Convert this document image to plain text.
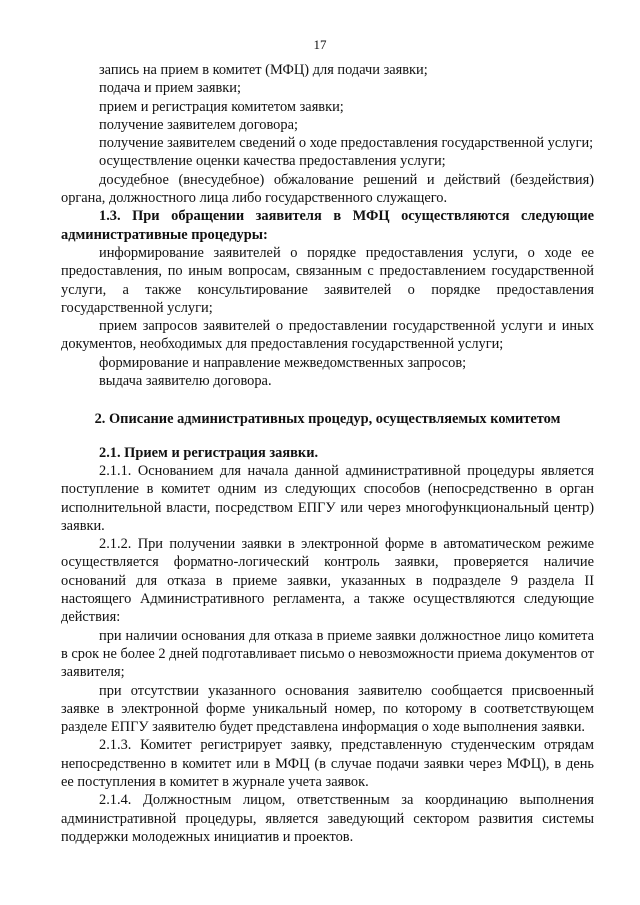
17

запись на прием в комитет (МФЦ) для подачи заявки;

подача и прием заявки;

прием и регистрация комитетом заявки;

получение заявителем договора;

получение заявителем сведений о ходе предоставления государственной услуги;

осуществление оценки качества предоставления услуги;

досудебное (внесудебное) обжалование решений и действий (бездействия) органа, должностного лица либо государственного служащего.

1.3. При обращении заявителя в МФЦ осуществляются следующие административные процедуры:

информирование заявителей о порядке предоставления услуги, о ходе ее предоставления, по иным вопросам, связанным с предоставлением государственной услуги, а также консультирование заявителей о порядке предоставления государственной услуги;

прием запросов заявителей о предоставлении государственной услуги и иных документов, необходимых для предоставления государственной услуги;

формирование и направление межведомственных запросов;

выдача заявителю договора.

2. Описание административных процедур, осуществляемых комитетом

2.1. Прием и регистрация заявки.

2.1.1. Основанием для начала данной административной процедуры является поступление в комитет одним из следующих способов (непосредственно в орган исполнительной власти, посредством ЕПГУ или через многофункциональный центр) заявки.

2.1.2. При получении заявки в электронной форме в автоматическом режиме осуществляется форматно-логический контроль заявки, проверяется наличие оснований для отказа в приеме заявки, указанных в подразделе 9 раздела II настоящего Административного регламента, а также осуществляются следующие действия:

при наличии основания для отказа в приеме заявки должностное лицо комитета в срок не более 2 дней подготавливает письмо о невозможности приема документов от заявителя;

при отсутствии указанного основания заявителю сообщается присвоенный заявке в электронной форме уникальный номер, по которому в соответствующем разделе ЕПГУ заявителю будет представлена информация о ходе выполнения заявки.

2.1.3. Комитет регистрирует заявку, представленную студенческим отрядам непосредственно в комитет или в МФЦ (в случае подачи заявки через МФЦ), в день ее поступления в комитет в журнале учета заявок.

2.1.4. Должностным лицом, ответственным за координацию выполнения административной процедуры, является заведующий сектором развития системы поддержки молодежных инициатив и проектов.
